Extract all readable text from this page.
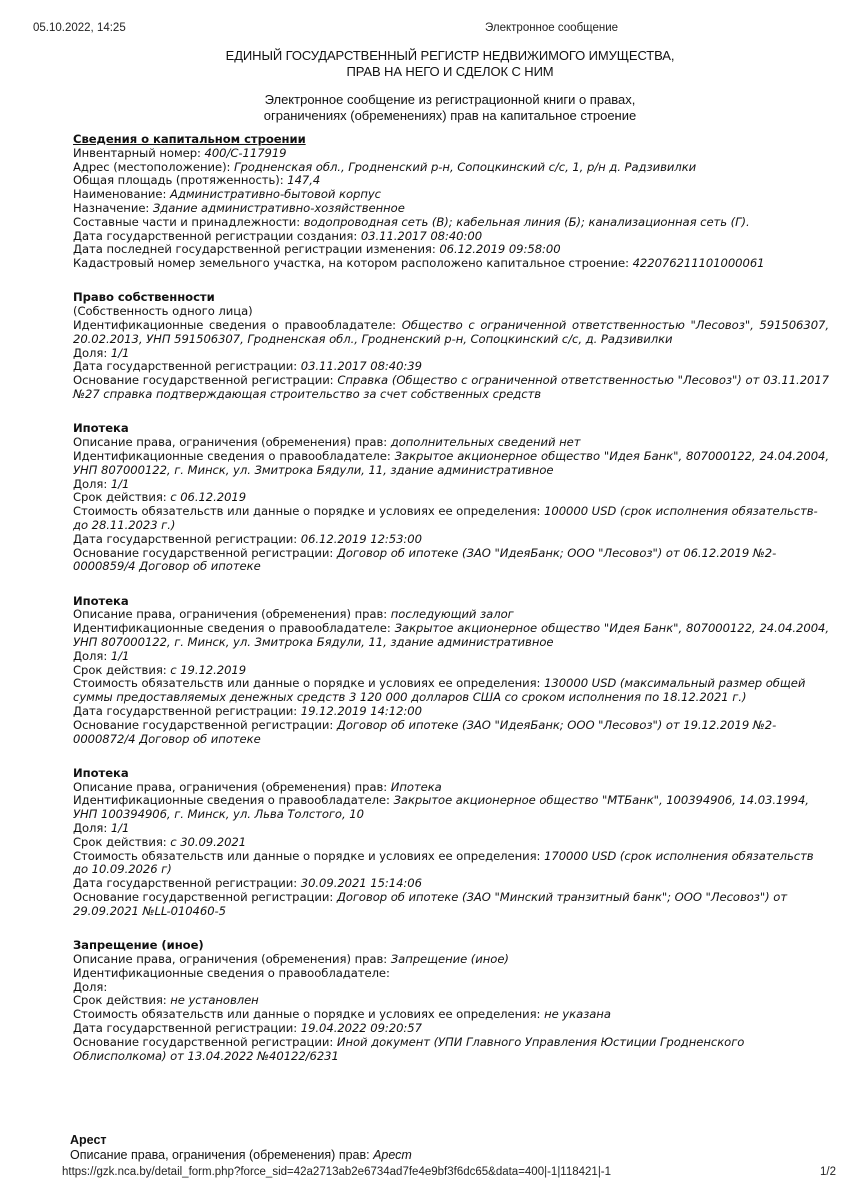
05.10.2022, 14:25	Электронное сообщение
ЕДИНЫЙ ГОСУДАРСТВЕННЫЙ РЕГИСТР НЕДВИЖИМОГО ИМУЩЕСТВА,
ПРАВ НА НЕГО И СДЕЛОК С НИМ
Электронное сообщение из регистрационной книги о правах,
ограничениях (обременениях) прав на капитальное строение
Сведения о капитальном строении
Инвентарный номер: 400/С-117919
Адрес (местоположение): Гродненская обл., Гродненский р-н, Сопоцкинский с/с, 1, р/н д. Радзивилки
Общая площадь (протяженность): 147,4
Наименование: Административно-бытовой корпус
Назначение: Здание административно-хозяйственное
Составные части и принадлежности: водопроводная сеть (В); кабельная линия (Б); канализационная сеть (Г).
Дата государственной регистрации создания: 03.11.2017 08:40:00
Дата последней государственной регистрации изменения: 06.12.2019 09:58:00
Кадастровый номер земельного участка, на котором расположено капитальное строение: 422076211101000061
Право собственности
(Собственность одного лица)
Идентификационные сведения о правообладателе: Общество с ограниченной ответственностью "Лесовоз", 591506307, 20.02.2013, УНП 591506307, Гродненская обл., Гродненский р-н, Сопоцкинский с/с, д. Радзивилки
Доля: 1/1
Дата государственной регистрации: 03.11.2017 08:40:39
Основание государственной регистрации: Справка (Общество с ограниченной ответственностью "Лесовоз") от 03.11.2017 №27 справка подтверждающая строительство за счет собственных средств
Ипотека
Описание права, ограничения (обременения) прав: дополнительных сведений нет
Идентификационные сведения о правообладателе: Закрытое акционерное общество "Идея Банк", 807000122, 24.04.2004, УНП 807000122, г. Минск, ул. Змитрока Бядули, 11, здание административное
Доля: 1/1
Срок действия: с 06.12.2019
Стоимость обязательств или данные о порядке и условиях ее определения: 100000 USD (срок исполнения обязательств- до 28.11.2023 г.)
Дата государственной регистрации: 06.12.2019 12:53:00
Основание государственной регистрации: Договор об ипотеке (ЗАО "ИдеяБанк; ООО "Лесовоз") от 06.12.2019 №2-0000859/4 Договор об ипотеке
Ипотека
Описание права, ограничения (обременения) прав: последующий залог
Идентификационные сведения о правообладателе: Закрытое акционерное общество "Идея Банк", 807000122, 24.04.2004, УНП 807000122, г. Минск, ул. Змитрока Бядули, 11, здание административное
Доля: 1/1
Срок действия: с 19.12.2019
Стоимость обязательств или данные о порядке и условиях ее определения: 130000 USD (максимальный размер общей суммы предоставляемых денежных средств 3 120 000 долларов США со сроком исполнения по 18.12.2021 г.)
Дата государственной регистрации: 19.12.2019 14:12:00
Основание государственной регистрации: Договор об ипотеке (ЗАО "ИдеяБанк; ООО "Лесовоз") от 19.12.2019 №2-0000872/4 Договор об ипотеке
Ипотека
Описание права, ограничения (обременения) прав: Ипотека
Идентификационные сведения о правообладателе: Закрытое акционерное общество "МТБанк", 100394906, 14.03.1994, УНП 100394906, г. Минск, ул. Льва Толстого, 10
Доля: 1/1
Срок действия: с 30.09.2021
Стоимость обязательств или данные о порядке и условиях ее определения: 170000 USD (срок исполнения обязательств до 10.09.2026 г)
Дата государственной регистрации: 30.09.2021 15:14:06
Основание государственной регистрации: Договор об ипотеке (ЗАО "Минский транзитный банк"; ООО "Лесовоз") от 29.09.2021 №LL-010460-5
Запрещение (иное)
Описание права, ограничения (обременения) прав: Запрещение (иное)
Идентификационные сведения о правообладателе:
Доля:
Срок действия: не установлен
Стоимость обязательств или данные о порядке и условиях ее определения: не указана
Дата государственной регистрации: 19.04.2022 09:20:57
Основание государственной регистрации: Иной документ (УПИ Главного Управления Юстиции Гродненского Облисполкома) от 13.04.2022 №40122/6231
Арест
Описание права, ограничения (обременения) прав: Арест
https://gzk.nca.by/detail_form.php?force_sid=42a2713ab2e6734ad7fe4e9bf3f6dc65&data=400|-1|118421|-1	1/2
